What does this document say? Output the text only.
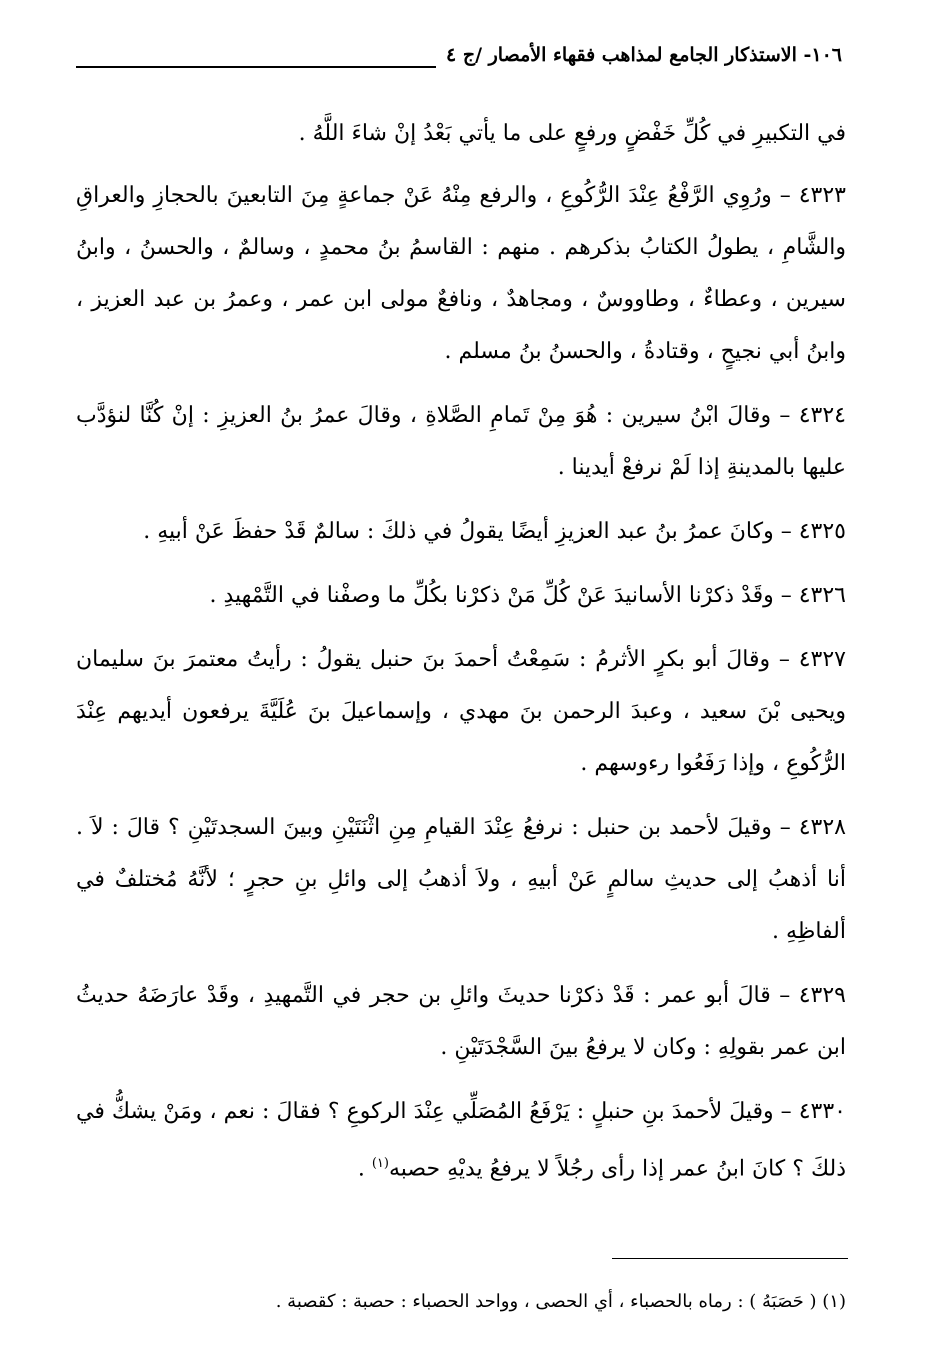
١٠٦- الاستذكار الجامع لمذاهب فقهاء الأمصار /ج ٤

في التكبيرِ في كُلِّ خَفْضٍ ورفعٍ على ما يأتي بَعْدُ إنْ شاءَ اللَّهُ .

٤٣٢٣ – ورُوِي الرَّفْعُ عِنْدَ الرُّكُوعِ ، والرفع مِنْهُ عَنْ جماعةٍ مِنَ التابعينَ بالحجازِ والعراقِ والشَّامِ ، يطولُ الكتابُ بذكرهم . منهم : القاسمُ بنُ محمدٍ ، وسالمٌ ، والحسنُ ، وابنُ سيرين ، وعطاءٌ ، وطاووسٌ ، ومجاهدٌ ، ونافعٌ مولى ابن عمر ، وعمرُ بن عبد العزيز ، وابنُ أبي نجيحٍ ، وقتادةُ ، والحسنُ بنُ مسلم .

٤٣٢٤ – وقالَ ابْنُ سيرين : هُوَ مِنْ تَمامِ الصَّلاةِ ، وقالَ عمرُ بنُ العزيزِ : إنْ كُنَّا لنؤدَّب عليها بالمدينةِ إذا لَمْ نرفعْ أيدينا .

٤٣٢٥ – وكانَ عمرُ بنُ عبد العزيزِ أيضًا يقولُ في ذلكَ : سالمٌ قَدْ حفظَ عَنْ أبيهِ .

٤٣٢٦ – وقَدْ ذكرْنا الأسانيدَ عَنْ كُلِّ مَنْ ذكرْنا بكُلِّ ما وصفْنا في التَّمْهيدِ .

٤٣٢٧ – وقالَ أبو بكرٍ الأثرمُ : سَمِعْتُ أحمدَ بنَ حنبل يقولُ : رأيتُ معتمرَ بنَ سليمان ويحيى بْنَ سعيد ، وعبدَ الرحمن بنَ مهدي ، وإسماعيلَ بنَ عُلَيَّةَ يرفعون أيديهم عِنْدَ الرُّكُوعِ ، وإذا رَفَعُوا رءوسهم .

٤٣٢٨ – وقيلَ لأحمد بن حنبل : نرفعُ عِنْدَ القيامِ مِنِ اثْنَتَيْنِ وبينَ السجدتَيْنِ ؟ قالَ : لاَ . أنا أذهبُ إلى حديثِ سالمٍ عَنْ أبيهِ ، ولاَ أذهبُ إلى وائلِ بنِ حجرٍ ؛ لأنَّهُ مُختلفٌ في ألفاظِهِ .

٤٣٢٩ – قالَ أبو عمر : قَدْ ذكرْنا حديثَ وائلِ بن حجر في التَّمهيدِ ، وقَدْ عارَضَهُ حديثُ ابن عمر بقولِهِ : وكان لا يرفعُ بينَ السَّجْدَتَيْنِ .

٤٣٣٠ – وقيلَ لأحمدَ بنِ حنبلٍ : يَرْفَعُ المُصَلِّي عِنْدَ الركوعِ ؟ فقالَ : نعم ، ومَنْ يشكُّ في ذلكَ ؟ كانَ ابنُ عمر إذا رأى رجُلاً لا يرفعُ يديْهِ حصبه$^{(١)}$ .

(١) ( حَصَبَهُ ) : رماه بالحصباء ، أي الحصى ، وواحد الحصباء : حصبة : كقصبة .
